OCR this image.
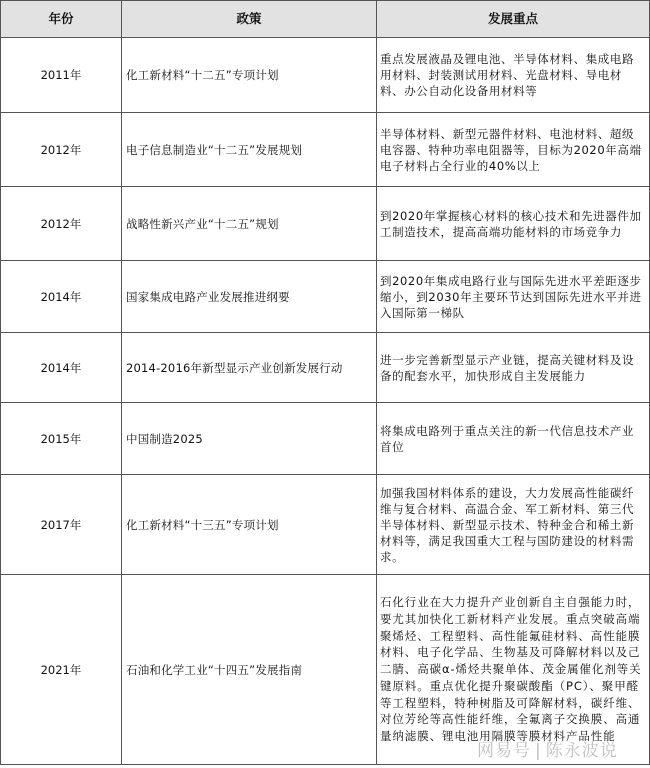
年份	政策	发展重点
2011年	化工新材料“十二五”专项计划	重点发展液晶及锂电池、半导体材料、集成电路用材料、封装测试用材料、光盘材料、导电材料、办公自动化设备用材料等
2012年	电子信息制造业“十二五”发展规划	半导体材料、新型元器件材料、电池材料、超级电容器、特种功率电阻器等，目标为2020年高端电子材料占全行业的40%以上
2012年	战略性新兴产业“十二五”规划	到2020年掌握核心材料的核心技术和先进器件加工制造技术，提高高端功能材料的市场竞争力
2014年	国家集成电路产业发展推进纲要	到2020年集成电路行业与国际先进水平差距逐步缩小，到2030年主要环节达到国际先进水平并进入国际第一梯队
2014年	2014-2016年新型显示产业创新发展行动	进一步完善新型显示产业链，提高关键材料及设备的配套水平，加快形成自主发展能力
2015年	中国制造2025	将集成电路列于重点关注的新一代信息技术产业首位
2017年	化工新材料“十三五”专项计划	加强我国材料体系的建设，大力发展高性能碳纤维与复合材料、高温合金、军工新材料、第三代半导体材料、新型显示技术、特种金合和稀土新材料等，满足我国重大工程与国防建设的材料需求。
2021年	石油和化学工业“十四五”发展指南	石化行业在大力提升产业创新自主自强能力时，要尤其加快化工新材料产业发展。重点突破高端聚烯烃、工程塑料、高性能氟硅材料、高性能膜材料、电子化学品、生物基及可降解材料以及己二腈、高碳α-烯烃共聚单体、茂金属催化剂等关键原料。重点优化提升聚碳酸酯（PC）、聚甲醛等工程塑料，特种树脂及可降解材料，碳纤维、对位芳纶等高性能纤维，全氟离子交换膜、高通量纳滤膜、锂电池用隔膜等膜材料产品性能
网易号 | 陈永波说
